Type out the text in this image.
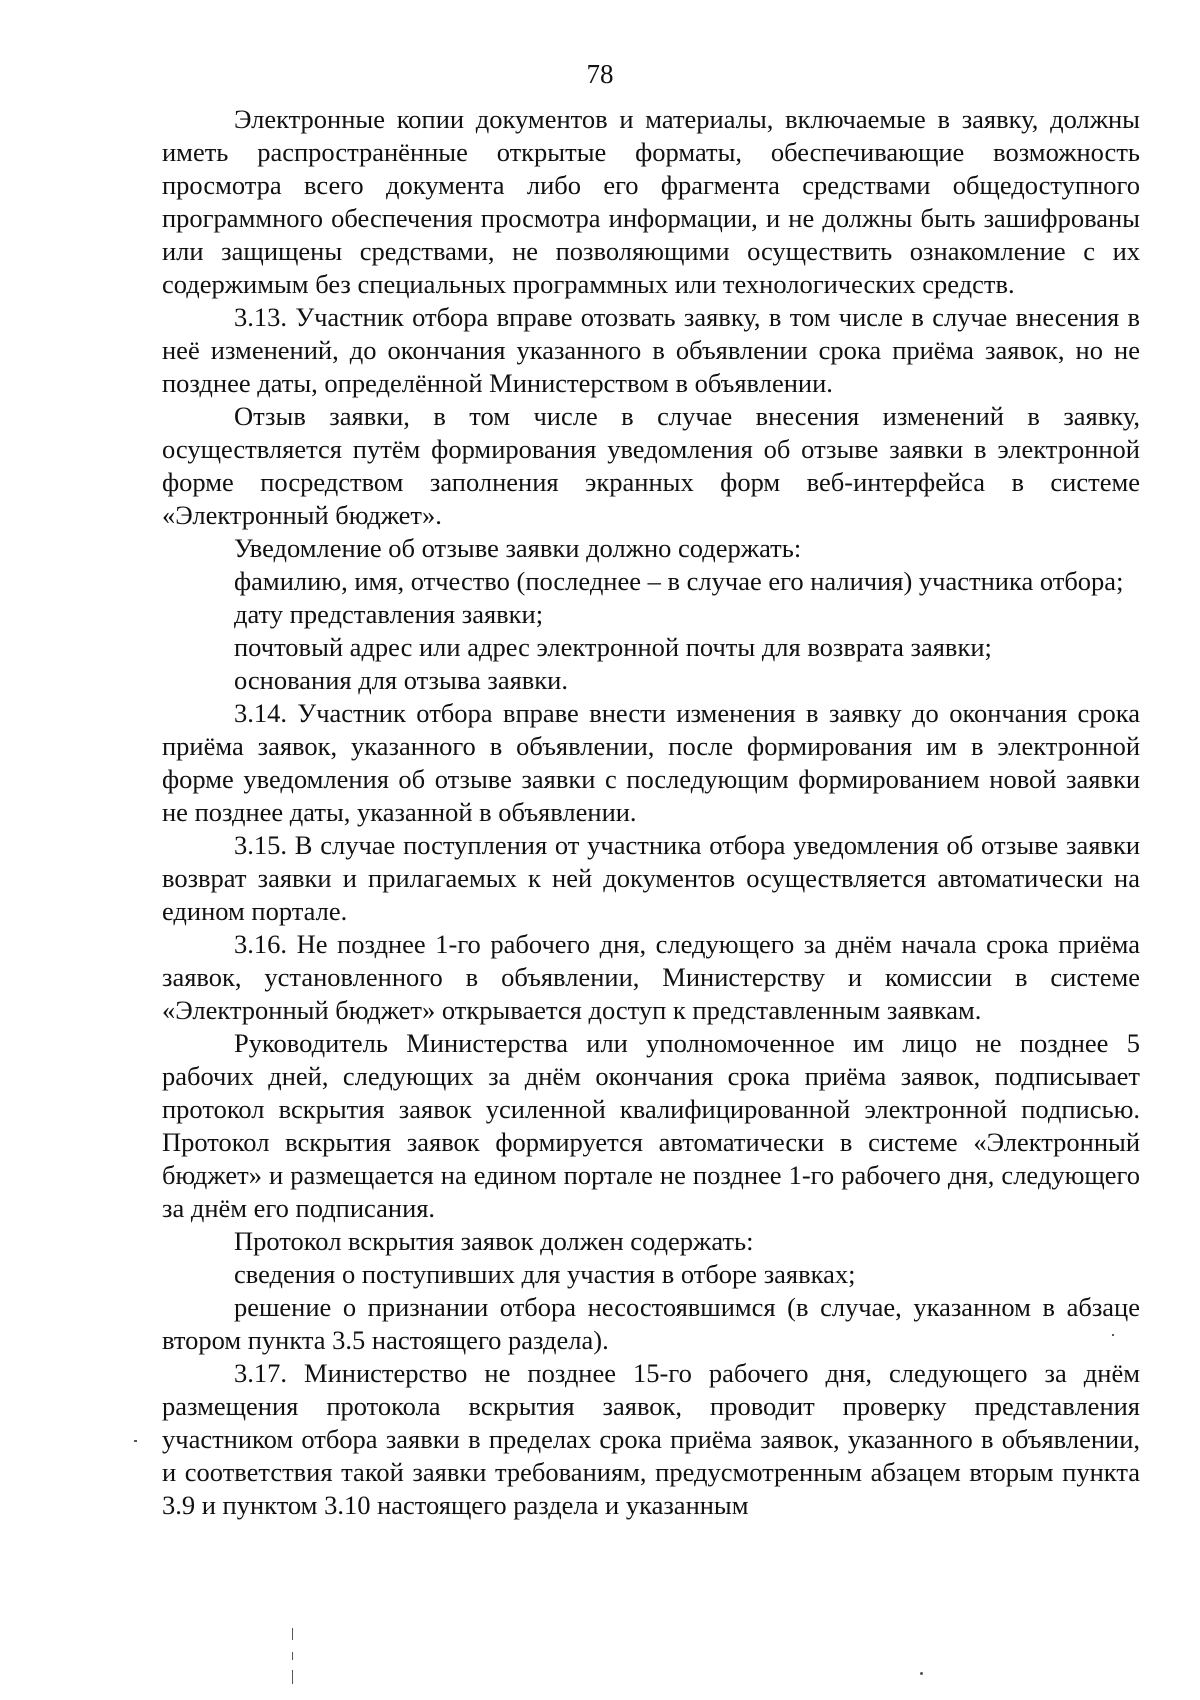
78

Электронные копии документов и материалы, включаемые в заявку, должны иметь распространённые открытые форматы, обеспечивающие возможность просмотра всего документа либо его фрагмента средствами общедоступного программного обеспечения просмотра информации, и не должны быть зашифрованы или защищены средствами, не позволяющими осуществить ознакомление с их содержимым без специальных программных или технологических средств.

3.13. Участник отбора вправе отозвать заявку, в том числе в случае внесения в неё изменений, до окончания указанного в объявлении срока приёма заявок, но не позднее даты, определённой Министерством в объявлении.

Отзыв заявки, в том числе в случае внесения изменений в заявку, осуществляется путём формирования уведомления об отзыве заявки в электронной форме посредством заполнения экранных форм веб-интерфейса в системе «Электронный бюджет».

Уведомление об отзыве заявки должно содержать:

фамилию, имя, отчество (последнее – в случае его наличия) участника отбора;

дату представления заявки;

почтовый адрес или адрес электронной почты для возврата заявки;

основания для отзыва заявки.

3.14. Участник отбора вправе внести изменения в заявку до окончания срока приёма заявок, указанного в объявлении, после формирования им в электронной форме уведомления об отзыве заявки с последующим формированием новой заявки не позднее даты, указанной в объявлении.

3.15. В случае поступления от участника отбора уведомления об отзыве заявки возврат заявки и прилагаемых к ней документов осуществляется автоматически на едином портале.

3.16. Не позднее 1-го рабочего дня, следующего за днём начала срока приёма заявок, установленного в объявлении, Министерству и комиссии в системе «Электронный бюджет» открывается доступ к представленным заявкам.

Руководитель Министерства или уполномоченное им лицо не позднее 5 рабочих дней, следующих за днём окончания срока приёма заявок, подписывает протокол вскрытия заявок усиленной квалифицированной электронной подписью. Протокол вскрытия заявок формируется автоматически в системе «Электронный бюджет» и размещается на едином портале не позднее 1-го рабочего дня, следующего за днём его подписания.

Протокол вскрытия заявок должен содержать:

сведения о поступивших для участия в отборе заявках;

решение о признании отбора несостоявшимся (в случае, указанном в абзаце втором пункта 3.5 настоящего раздела).

3.17. Министерство не позднее 15-го рабочего дня, следующего за днём размещения протокола вскрытия заявок, проводит проверку представления участником отбора заявки в пределах срока приёма заявок, указанного в объявлении, и соответствия такой заявки требованиям, предусмотренным абзацем вторым пункта 3.9 и пунктом 3.10 настоящего раздела и указанным
